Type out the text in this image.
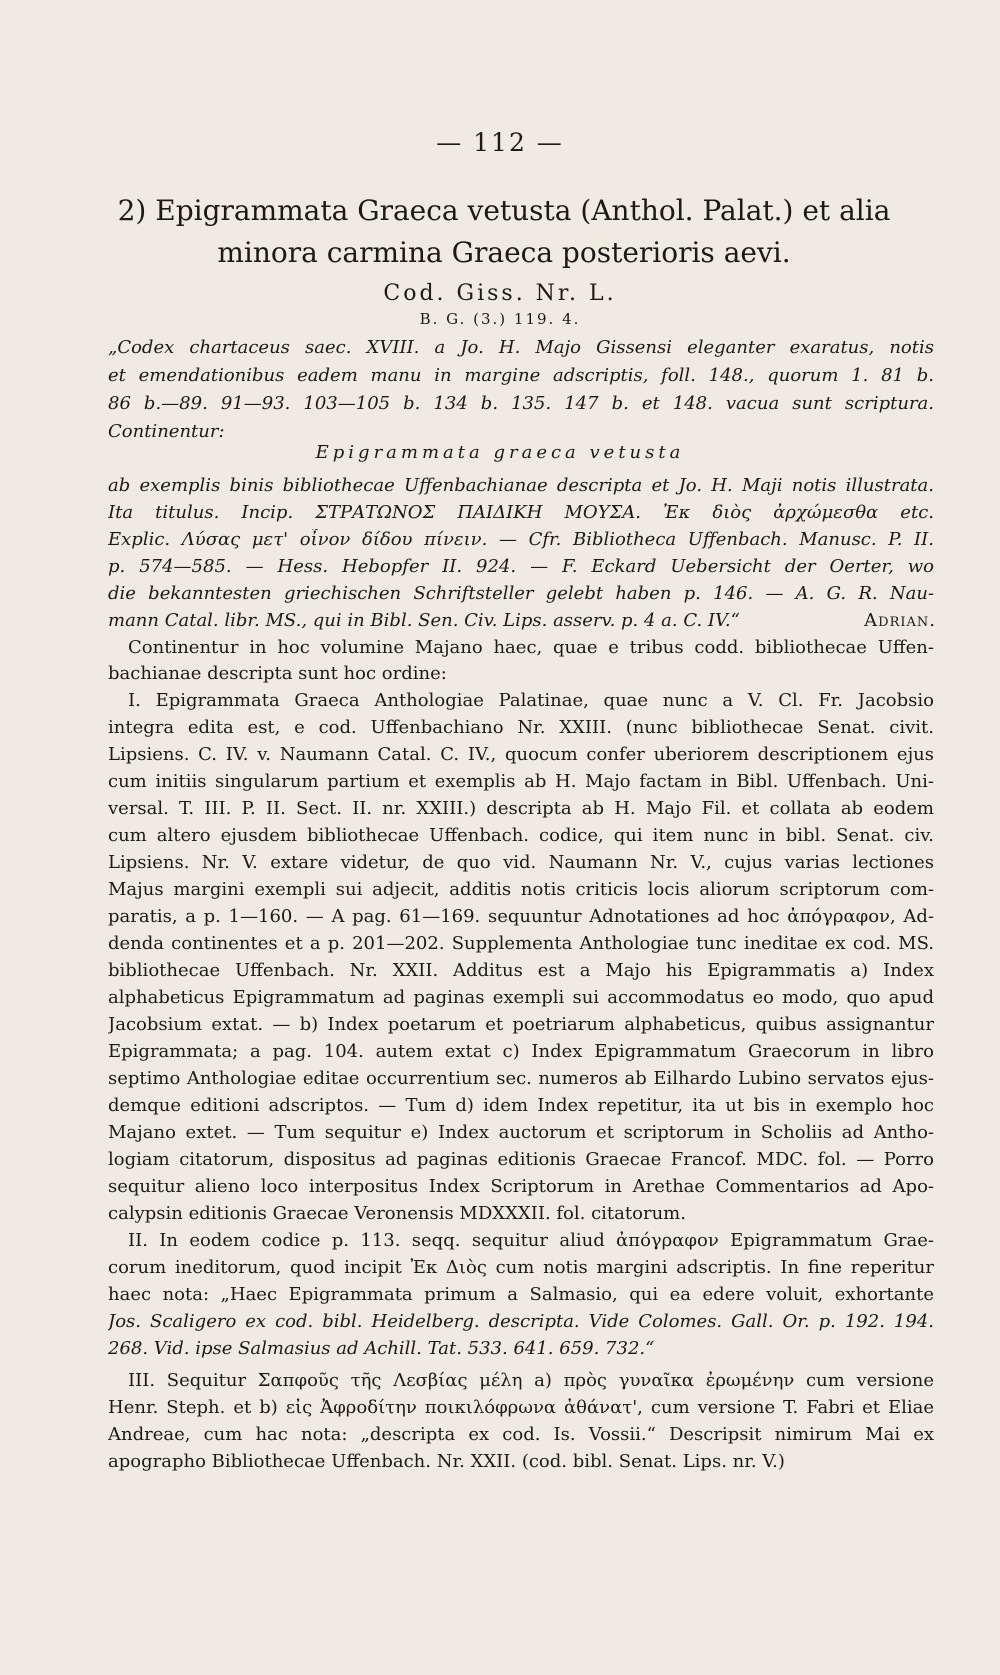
— 112 —
2) Epigrammata Graeca vetusta (Anthol. Palat.) et alia minora carmina Graeca posterioris aevi.
Cod. Giss. Nr. L.
B. G. (3.) 119. 4.
„Codex chartaceus saec. XVIII. a Jo. H. Majo Gissensi eleganter exaratus, notis
et emendationibus eadem manu in margine adscriptis, foll. 148., quorum 1. 81 b.
86 b.—89. 91—93. 103—105 b. 134 b. 135. 147 b. et 148. vacua sunt scriptura.
Continentur:
Epigrammata graeca vetusta
ab exemplis binis bibliothecae Uffenbachianae descripta et Jo. H. Maji notis illustrata.
Ita titulus. Incip. ΣΤΡΑΤΩΝΟΣ ΠΑΙΔΙΚΗ ΜΟΥΣΑ. Ἐκ διὸς ἀρχώμεσθα etc.
Explic. Λύσας μετ' οἶνον δίδου πίνειν. — Cfr. Bibliotheca Uffenbach. Manusc. P. II.
p. 574—585. — Hess. Hebopfer II. 924. — F. Eckard Uebersicht der Oerter, wo
die bekanntesten griechischen Schriftsteller gelebt haben p. 146. — A. G. R. Nau-
mann Catal. libr. MS., qui in Bibl. Sen. Civ. Lips. asserv. p. 4 a. C. IV.“	Adrian.
Continentur in hoc volumine Majano haec, quae e tribus codd. bibliothecae Uffen-
bachianae descripta sunt hoc ordine:
I. Epigrammata Graeca Anthologiae Palatinae, quae nunc a V. Cl. Fr. Jacobsio
integra edita est, e cod. Uffenbachiano Nr. XXIII. (nunc bibliothecae Senat. civit.
Lipsiens. C. IV. v. Naumann Catal. C. IV., quocum confer uberiorem descriptionem ejus
cum initiis singularum partium et exemplis ab H. Majo factam in Bibl. Uffenbach. Uni-
versal. T. III. P. II. Sect. II. nr. XXIII.) descripta ab H. Majo Fil. et collata ab eodem
cum altero ejusdem bibliothecae Uffenbach. codice, qui item nunc in bibl. Senat. civ.
Lipsiens. Nr. V. extare videtur, de quo vid. Naumann Nr. V., cujus varias lectiones
Majus margini exempli sui adjecit, additis notis criticis locis aliorum scriptorum com-
paratis, a p. 1—160. — A pag. 61—169. sequuntur Adnotationes ad hoc ἀπόγραφον, Ad-
denda continentes et a p. 201—202. Supplementa Anthologiae tunc ineditae ex cod. MS.
bibliothecae Uffenbach. Nr. XXII. Additus est a Majo his Epigrammatis a) Index
alphabeticus Epigrammatum ad paginas exempli sui accommodatus eo modo, quo apud
Jacobsium extat. — b) Index poetarum et poetriarum alphabeticus, quibus assignantur
Epigrammata; a pag. 104. autem extat c) Index Epigrammatum Graecorum in libro
septimo Anthologiae editae occurrentium sec. numeros ab Eilhardo Lubino servatos ejus-
demque editioni adscriptos. — Tum d) idem Index repetitur, ita ut bis in exemplo hoc
Majano extet. — Tum sequitur e) Index auctorum et scriptorum in Scholiis ad Antho-
logiam citatorum, dispositus ad paginas editionis Graecae Francof. MDC. fol. — Porro
sequitur alieno loco interpositus Index Scriptorum in Arethae Commentarios ad Apo-
calypsin editionis Graecae Veronensis MDXXXII. fol. citatorum.
II. In eodem codice p. 113. seqq. sequitur aliud ἀπόγραφον Epigrammatum Grae-
corum ineditorum, quod incipit Ἐκ Διὸς cum notis margini adscriptis. In fine reperitur
haec nota: „Haec Epigrammata primum a Salmasio, qui ea edere voluit, exhortante
Jos. Scaligero ex cod. bibl. Heidelberg. descripta. Vide Colomes. Gall. Or. p. 192. 194.
268. Vid. ipse Salmasius ad Achill. Tat. 533. 641. 659. 732.“
III. Sequitur Σαπφοῦς τῆς Λεσβίας μέλη a) πρὸς γυναῖκα ἐρωμένην cum versione
Henr. Steph. et b) εἰς Ἀφροδίτην ποικιλόφρωνα ἀθάνατ', cum versione T. Fabri et Eliae
Andreae, cum hac nota: „descripta ex cod. Is. Vossii.“ Descripsit nimirum Mai ex
apographo Bibliothecae Uffenbach. Nr. XXII. (cod. bibl. Senat. Lips. nr. V.)
